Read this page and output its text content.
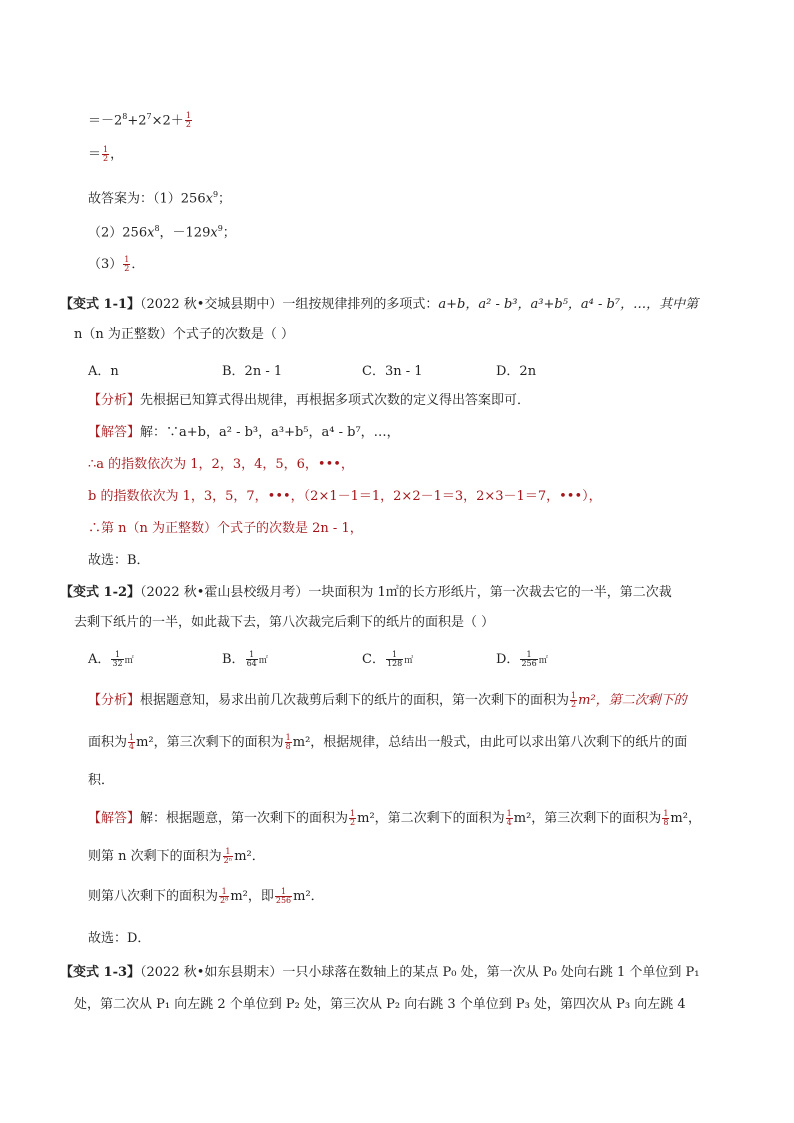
$=-2^8+2^7\times 2+ \frac{1}{2}$
＝ $\frac{1}{2}$ ，
故答案为：$(1)256x^9$；
$(2)256x^8$，$-129x^9$；
$(3) \frac{1}{2}$ ．
【变式 1-1】（2022 秋•交城县期中）一组按规律排列的多项式：a+b，a² - b³，a³+b⁵，a⁴ - b⁷，…，其中第
n（n 为正整数）个式子的次数是（ ）
A．n	B．2n - 1	C．3n - 1	D．2n
【分析】先根据已知算式得出规律，再根据多项式次数的定义得出答案即可．
【解答】解：∵a+b，a² - b³，a³+b⁵，a⁴ - b⁷，…，
∴a 的指数依次为 1，2，3，4，5，6，•••，
b 的指数依次为 1，3，5，7，•••，（2×1－1＝1，2×2－1＝3，2×3－1＝7，•••），
∴第 n（n 为正整数）个式子的次数是 2n - 1，
故选：B．
【变式 1-2】（2022 秋•霍山县校级月考）一块面积为 1㎡的长方形纸片，第一次裁去它的一半，第二次裁
去剩下纸片的一半，如此裁下去，第八次裁完后剩下的纸片的面积是（ ）
A． $\frac{1}{32}$ ㎡	B． $\frac{1}{64}$ ㎡	C． $\frac{1}{128}$ ㎡	D． $\frac{1}{256}$ ㎡
【分析】根据题意知，易求出前几次裁剪后剩下的纸片的面积，第一次剩下的面积为 $\frac{1}{2} m^2$，第二次剩下的
面积为 $\frac{1}{4} m^2$，第三次剩下的面积为 $\frac{1}{8} m^2$，根据规律，总结出一般式，由此可以求出第八次剩下的纸片的面
积．
【解答】解：根据题意，第一次剩下的面积为 $\frac{1}{2} m^2$，第二次剩下的面积为 $\frac{1}{4} m^2$，第三次剩下的面积为 $\frac{1}{8} m^2$，
则第 n 次剩下的面积为 $\frac{1}{\text{2ⁿ}} m^2$．
则第八次剩下的面积为 $\frac{1}{\text{2⁸}} m^2$，即 $\frac{1}{256} m^2$．
故选：D．
【变式 1-3】（2022 秋•如东县期末）一只小球落在数轴上的某点 P₀ 处，第一次从 P₀ 处向右跳 1 个单位到 P₁
处，第二次从 P₁ 向左跳 2 个单位到 P₂ 处，第三次从 P₂ 向右跳 3 个单位到 P₃ 处，第四次从 P₃ 向左跳 4
